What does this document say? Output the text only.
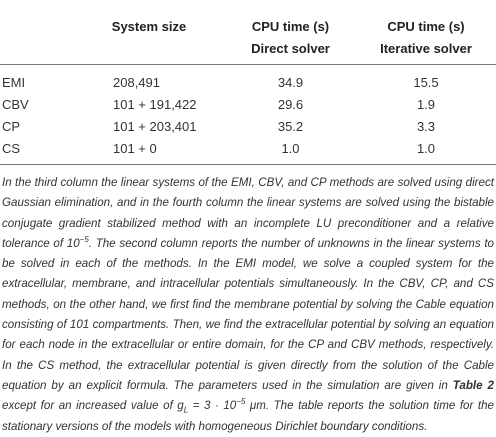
	System size	CPU time (s)	CPU time (s)
		Direct solver	Iterative solver
EMI	208,491	34.9	15.5
CBV	101 + 191,422	29.6	1.9
CP	101 + 203,401	35.2	3.3
CS	101 + 0	1.0	1.0

In the third column the linear systems of the EMI, CBV, and CP methods are solved using direct Gaussian elimination, and in the fourth column the linear systems are solved using the bistable conjugate gradient stabilized method with an incomplete LU preconditioner and a relative tolerance of $10^{-5}$. The second column reports the number of unknowns in the linear systems to be solved in each of the methods. In the EMI model, we solve a coupled system for the extracellular, membrane, and intracellular potentials simultaneously. In the CBV, CP, and CS methods, on the other hand, we first find the membrane potential by solving the Cable equation consisting of 101 compartments. Then, we find the extracellular potential by solving an equation for each node in the extracellular or entire domain, for the CP and CBV methods, respectively. In the CS method, the extracellular potential is given directly from the solution of the Cable equation by an explicit formula. The parameters used in the simulation are given in Table 2 except for an increased value of $g_L = 3 \cdot 10^{-5}$ μm. The table reports the solution time for the stationary versions of the models with homogeneous Dirichlet boundary conditions.
